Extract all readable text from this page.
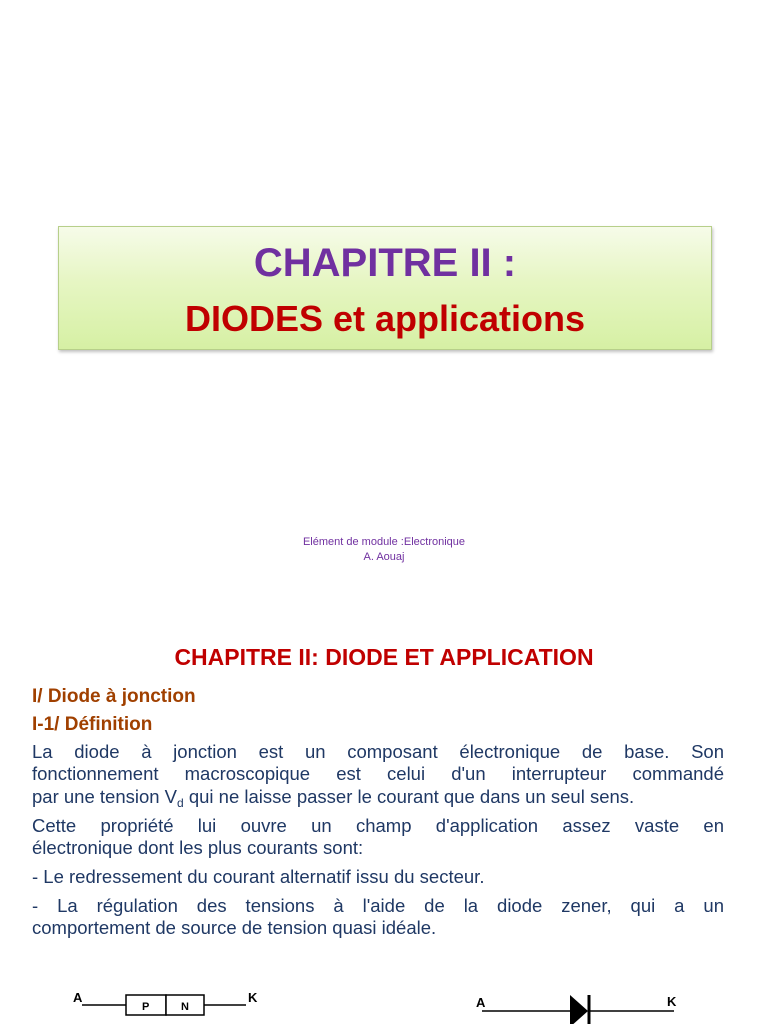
CHAPITRE II :
DIODES et applications
Elément de module :Electronique
A. Aouaj
CHAPITRE II: DIODE ET APPLICATION
I/ Diode à jonction
I-1/ Définition
La diode à jonction est un composant électronique de base. Son
fonctionnement macroscopique est celui d'un interrupteur commandé
par une tension $V_d$ qui ne laisse passer le courant que dans un seul sens.
Cette propriété lui ouvre un champ d'application assez vaste en
électronique dont les plus courants sont:
- Le redressement du courant alternatif issu du secteur.
- La régulation des tensions à l'aide de la diode zener, qui a un
comportement de source de tension quasi idéale.
A
P	N
K	A	K
